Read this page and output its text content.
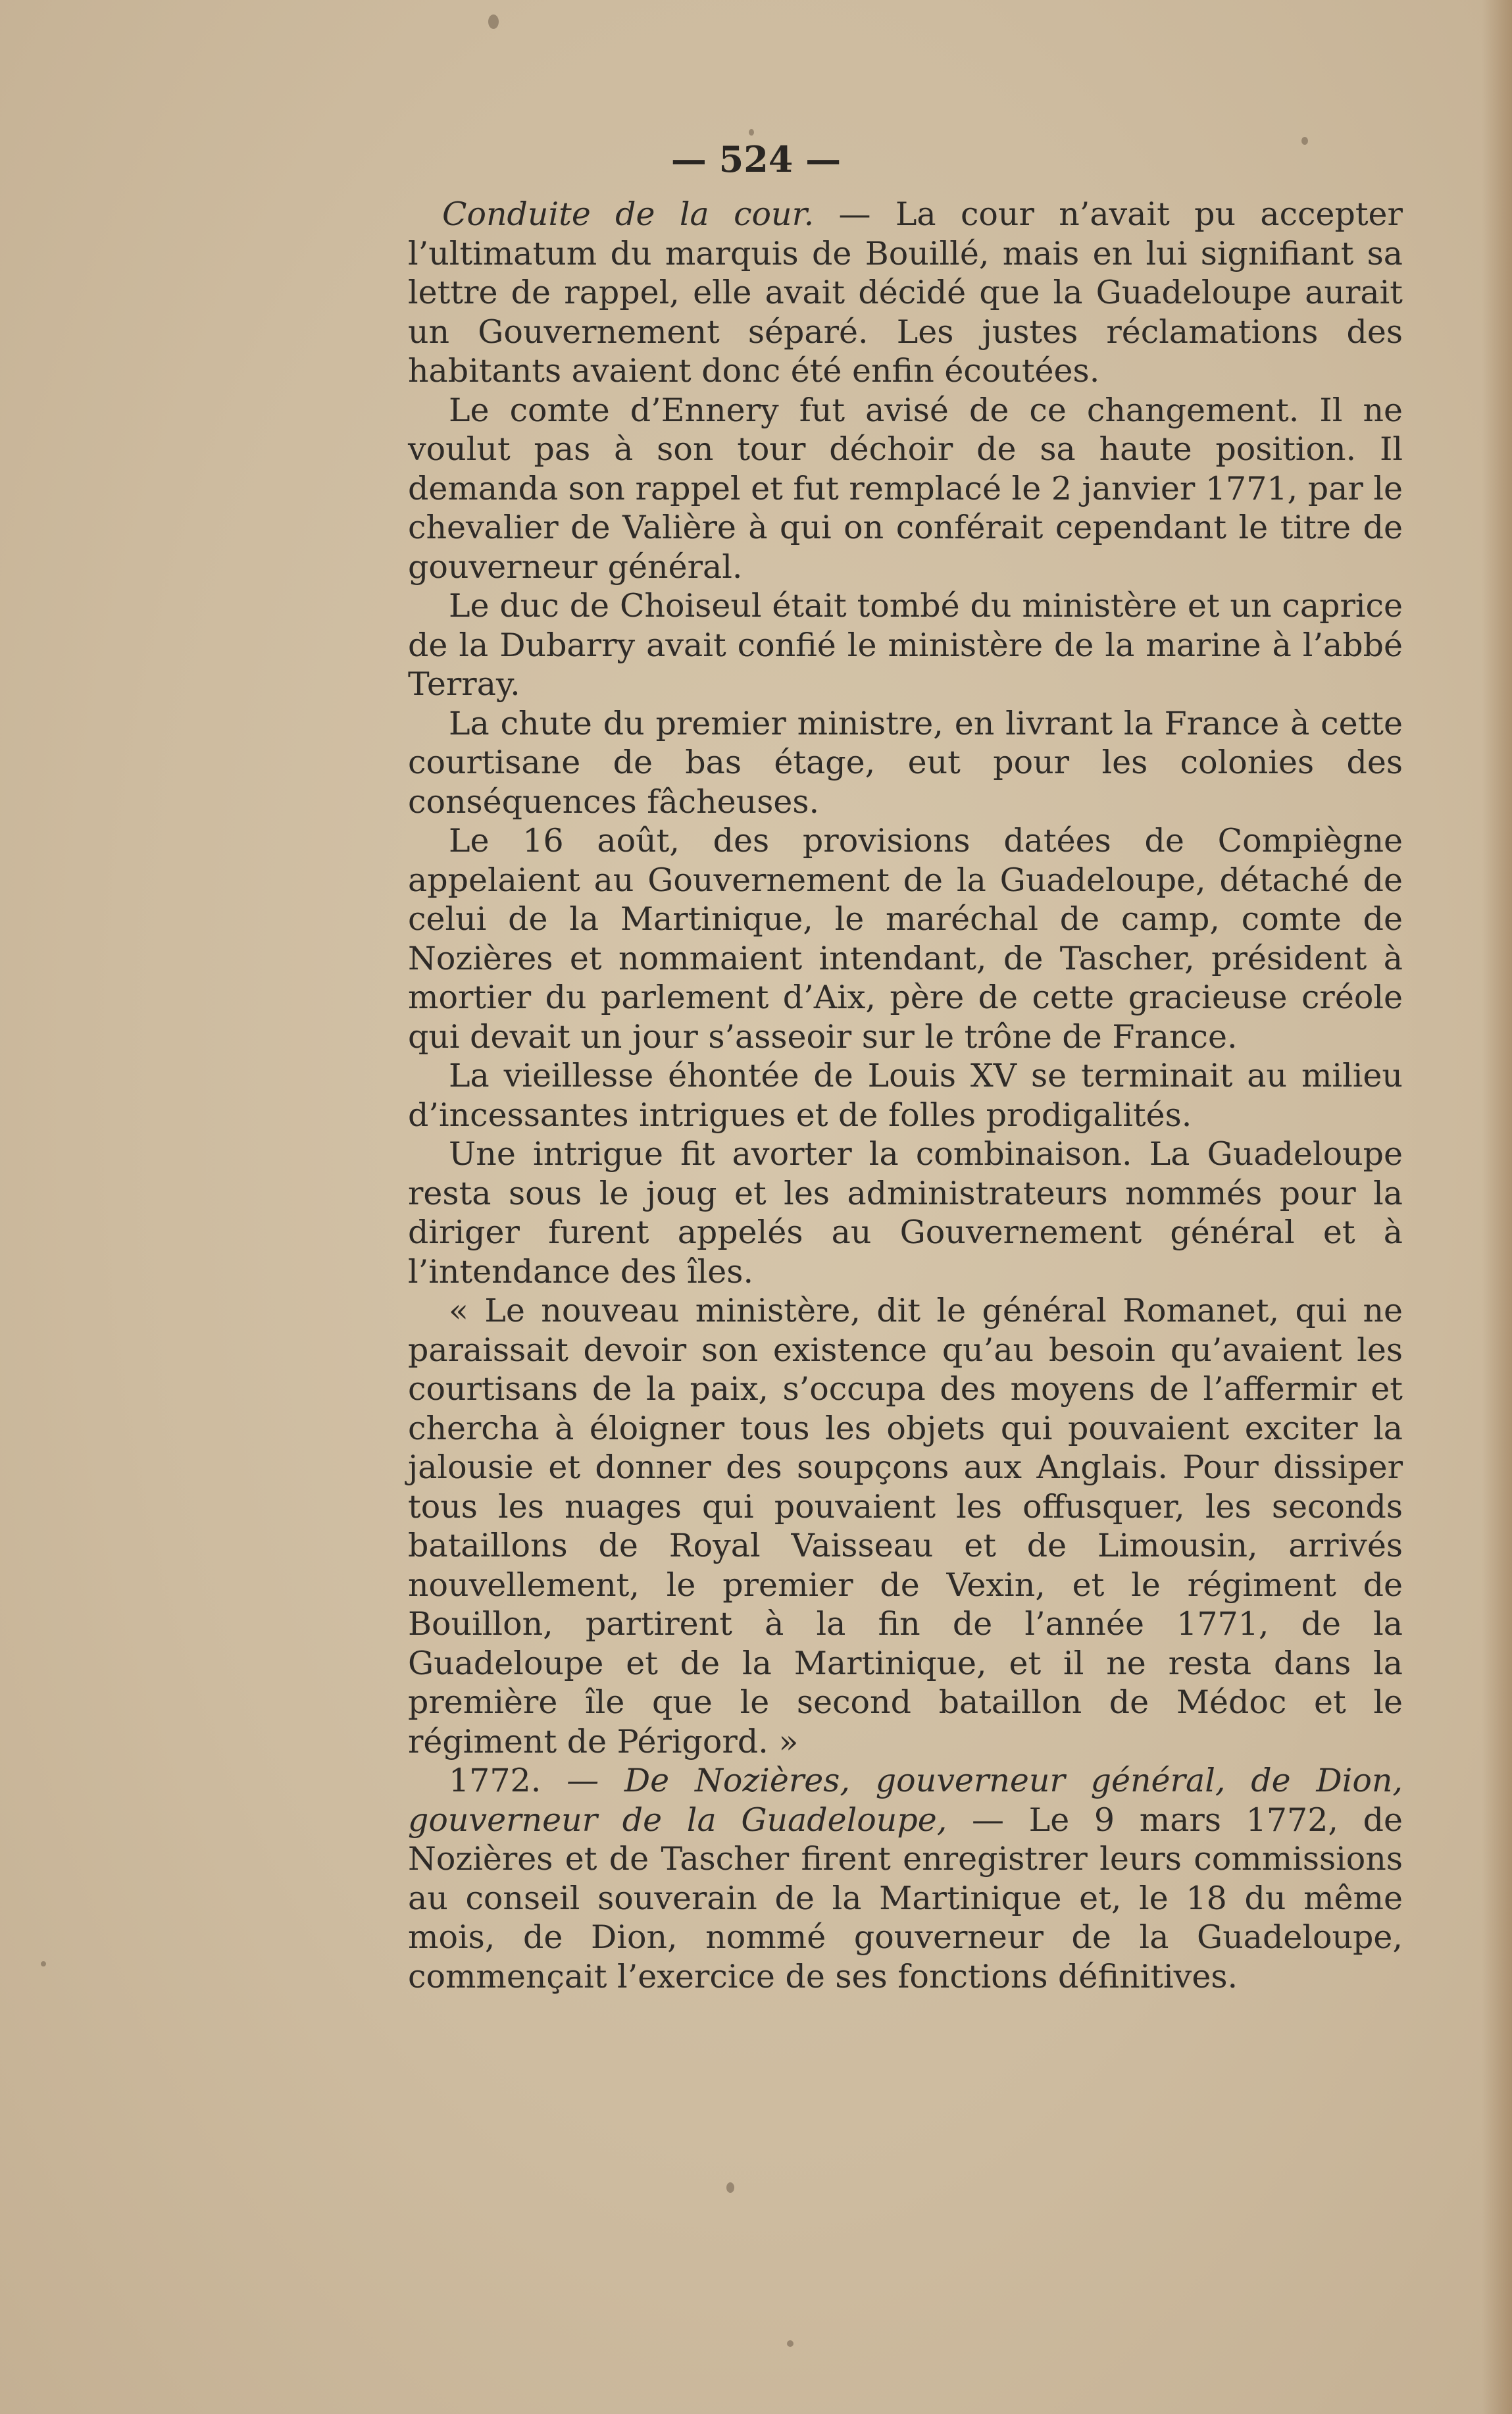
— 524 —

Conduite de la cour. — La cour n’avait pu accepter l’ultimatum du marquis de Bouillé, mais en lui signifiant sa lettre de rappel, elle avait décidé que la Guadeloupe aurait un Gouvernement séparé. Les justes réclamations des habitants avaient donc été enfin écoutées.

Le comte d’Ennery fut avisé de ce changement. Il ne voulut pas à son tour déchoir de sa haute position. Il demanda son rappel et fut remplacé le 2 janvier 1771, par le chevalier de Valière à qui on conférait cependant le titre de gouverneur général.

Le duc de Choiseul était tombé du ministère et un caprice de la Dubarry avait confié le ministère de la marine à l’abbé Terray.

La chute du premier ministre, en livrant la France à cette courtisane de bas étage, eut pour les colonies des conséquences fâcheuses.

Le 16 août, des provisions datées de Compiègne appelaient au Gouvernement de la Guadeloupe, détaché de celui de la Martinique, le maréchal de camp, comte de Nozières et nommaient intendant, de Tascher, président à mortier du parlement d’Aix, père de cette gracieuse créole qui devait un jour s’asseoir sur le trône de France.

La vieillesse éhontée de Louis XV se terminait au milieu d’incessantes intrigues et de folles prodigalités.

Une intrigue fit avorter la combinaison. La Guadeloupe resta sous le joug et les administrateurs nommés pour la diriger furent appelés au Gouvernement général et à l’intendance des îles.

« Le nouveau ministère, dit le général Romanet, qui ne paraissait devoir son existence qu’au besoin qu’avaient les courtisans de la paix, s’occupa des moyens de l’affermir et chercha à éloigner tous les objets qui pouvaient exciter la jalousie et donner des soupçons aux Anglais. Pour dissiper tous les nuages qui pouvaient les offusquer, les seconds bataillons de Royal Vaisseau et de Limousin, arrivés nouvellement, le premier de Vexin, et le régiment de Bouillon, partirent à la fin de l’année 1771, de la Guadeloupe et de la Martinique, et il ne resta dans la première île que le second bataillon de Médoc et le régiment de Périgord. »

1772. — De Nozières, gouverneur général, de Dion, gouverneur de la Guadeloupe, — Le 9 mars 1772, de Nozières et de Tascher firent enregistrer leurs commissions au conseil souverain de la Martinique et, le 18 du même mois, de Dion, nommé gouverneur de la Guadeloupe, commençait l’exercice de ses fonctions définitives.
